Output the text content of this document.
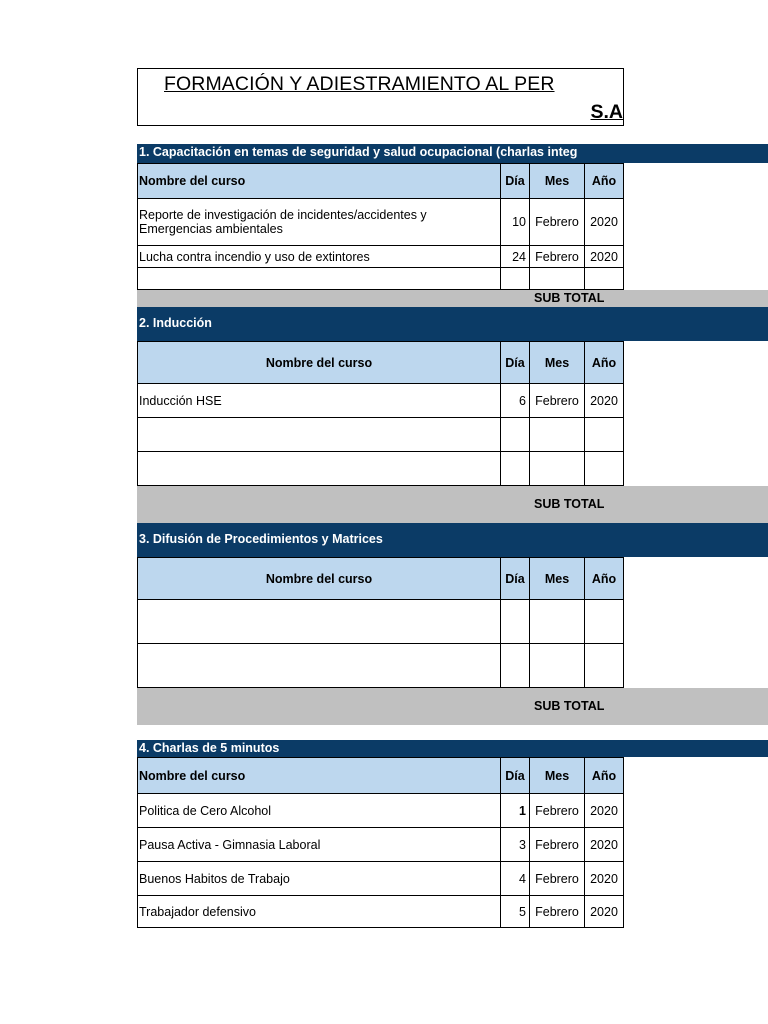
FORMACIÓN Y ADIESTRAMIENTO AL PER
S.A
1. Capacitación en temas de seguridad y salud ocupacional (charlas integ
Nombre del curso	Día	Mes	Año
Reporte de investigación de incidentes/accidentes y
Emergencias ambientales	10 Febrero 2020
Lucha contra incendio y uso de extintores	24 Febrero 2020
SUB TOTAL
2. Inducción
Nombre del curso	Día	Mes	Año
Inducción HSE	6 Febrero 2020
SUB TOTAL
3. Difusión de Procedimientos y Matrices
Nombre del curso	Día	Mes	Año
SUB TOTAL
4. Charlas de 5 minutos
Nombre del curso	Día	Mes	Año
Politica de Cero Alcohol	1 Febrero 2020
Pausa Activa - Gimnasia Laboral	3 Febrero 2020
Buenos Habitos de Trabajo	4 Febrero 2020
Trabajador defensivo	5 Febrero 2020
